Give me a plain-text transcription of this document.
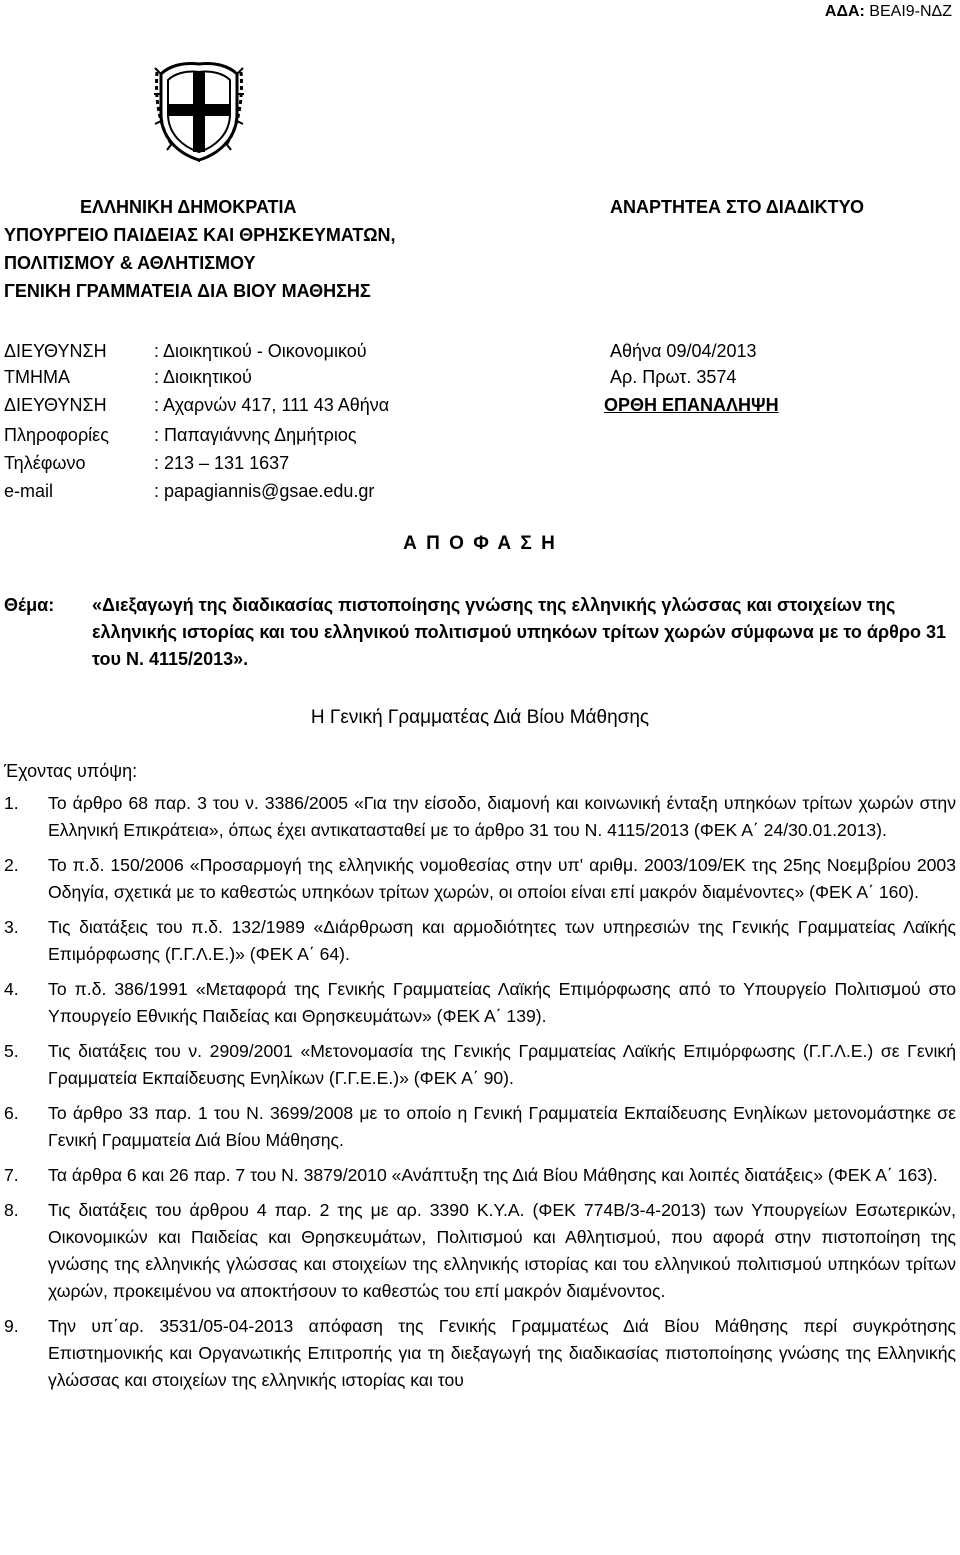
ΑΔΑ: ΒΕΑΙ9-ΝΔΖ
ΕΛΛΗΝΙΚΗ ΔΗΜΟΚΡΑΤΙΑ
ΥΠΟΥΡΓΕΙΟ ΠΑΙΔΕΙΑΣ ΚΑΙ ΘΡΗΣΚΕΥΜΑΤΩΝ,
ΠΟΛΙΤΙΣΜΟΥ & ΑΘΛΗΤΙΣΜΟΥ
ΓΕΝΙΚΗ ΓΡΑΜΜΑΤΕΙΑ ΔΙΑ ΒΙΟΥ ΜΑΘΗΣΗΣ
ΑΝΑΡΤΗΤΕΑ ΣΤΟ ΔΙΑΔΙΚΤΥΟ
ΔΙΕΥΘΥΝΣΗ	: Διοικητικού - Οικονομικού
ΤΜΗΜΑ	: Διοικητικού
ΔΙΕΥΘΥΝΣΗ	: Αχαρνών 417, 111 43 Αθήνα
Πληροφορίες	: Παπαγιάννης Δημήτριος
Τηλέφωνο	: 213 – 131 1637
e-mail	: papagiannis@gsae.edu.gr
Αθήνα 09/04/2013
Αρ. Πρωτ. 3574
ΟΡΘΗ ΕΠΑΝΑΛΗΨΗ
Α Π Ο Φ Α Σ Η
Θέμα: «Διεξαγωγή της διαδικασίας πιστοποίησης γνώσης της ελληνικής γλώσσας και στοιχείων της ελληνικής ιστορίας και του ελληνικού πολιτισμού υπηκόων τρίτων χωρών σύμφωνα με το άρθρο 31 του Ν. 4115/2013».
Η Γενική Γραμματέας Διά Βίου Μάθησης
Έχοντας υπόψη:
1.	Το άρθρο 68 παρ. 3 του ν. 3386/2005 «Για την είσοδο, διαμονή και κοινωνική ένταξη υπηκόων τρίτων χωρών στην Ελληνική Επικράτεια», όπως έχει αντικατασταθεί με το άρθρο 31 του Ν. 4115/2013 (ΦΕΚ Α΄ 24/30.01.2013).
2.	Το π.δ. 150/2006 «Προσαρμογή της ελληνικής νομοθεσίας στην υπ' αριθμ. 2003/109/ΕΚ της 25ης Νοεμβρίου 2003 Οδηγία, σχετικά με το καθεστώς υπηκόων τρίτων χωρών, οι οποίοι είναι επί μακρόν διαμένοντες» (ΦΕΚ Α΄ 160).
3.	Τις διατάξεις του π.δ. 132/1989 «Διάρθρωση και αρμοδιότητες των υπηρεσιών της Γενικής Γραμματείας Λαϊκής Επιμόρφωσης (Γ.Γ.Λ.Ε.)» (ΦΕΚ Α΄ 64).
4.	Το π.δ. 386/1991 «Μεταφορά της Γενικής Γραμματείας Λαϊκής Επιμόρφωσης από το Υπουργείο Πολιτισμού στο Υπουργείο Εθνικής Παιδείας και Θρησκευμάτων» (ΦΕΚ Α΄ 139).
5.	Τις διατάξεις του ν. 2909/2001 «Μετονομασία της Γενικής Γραμματείας Λαϊκής Επιμόρφωσης (Γ.Γ.Λ.Ε.) σε Γενική Γραμματεία Εκπαίδευσης Ενηλίκων (Γ.Γ.Ε.Ε.)» (ΦΕΚ Α΄ 90).
6.	Το άρθρο 33 παρ. 1 του Ν. 3699/2008 με το οποίο η Γενική Γραμματεία Εκπαίδευσης Ενηλίκων μετονομάστηκε σε Γενική Γραμματεία Διά Βίου Μάθησης.
7.	Τα άρθρα 6 και 26 παρ. 7 του Ν. 3879/2010 «Ανάπτυξη της Διά Βίου Μάθησης και λοιπές διατάξεις» (ΦΕΚ Α΄ 163).
8.	Τις διατάξεις του άρθρου 4 παρ. 2 της με αρ. 3390 Κ.Υ.Α. (ΦΕΚ 774Β/3-4-2013) των Υπουργείων Εσωτερικών, Οικονομικών και Παιδείας και Θρησκευμάτων, Πολιτισμού και Αθλητισμού, που αφορά στην πιστοποίηση της γνώσης της ελληνικής γλώσσας και στοιχείων της ελληνικής ιστορίας και του ελληνικού πολιτισμού υπηκόων τρίτων χωρών, προκειμένου να αποκτήσουν το καθεστώς του επί μακρόν διαμένοντος.
9.	Την υπ΄αρ. 3531/05-04-2013 απόφαση της Γενικής Γραμματέως Διά Βίου Μάθησης περί συγκρότησης Επιστημονικής και Οργανωτικής Επιτροπής για τη διεξαγωγή της διαδικασίας πιστοποίησης γνώσης της Ελληνικής γλώσσας και στοιχείων της ελληνικής ιστορίας και του
